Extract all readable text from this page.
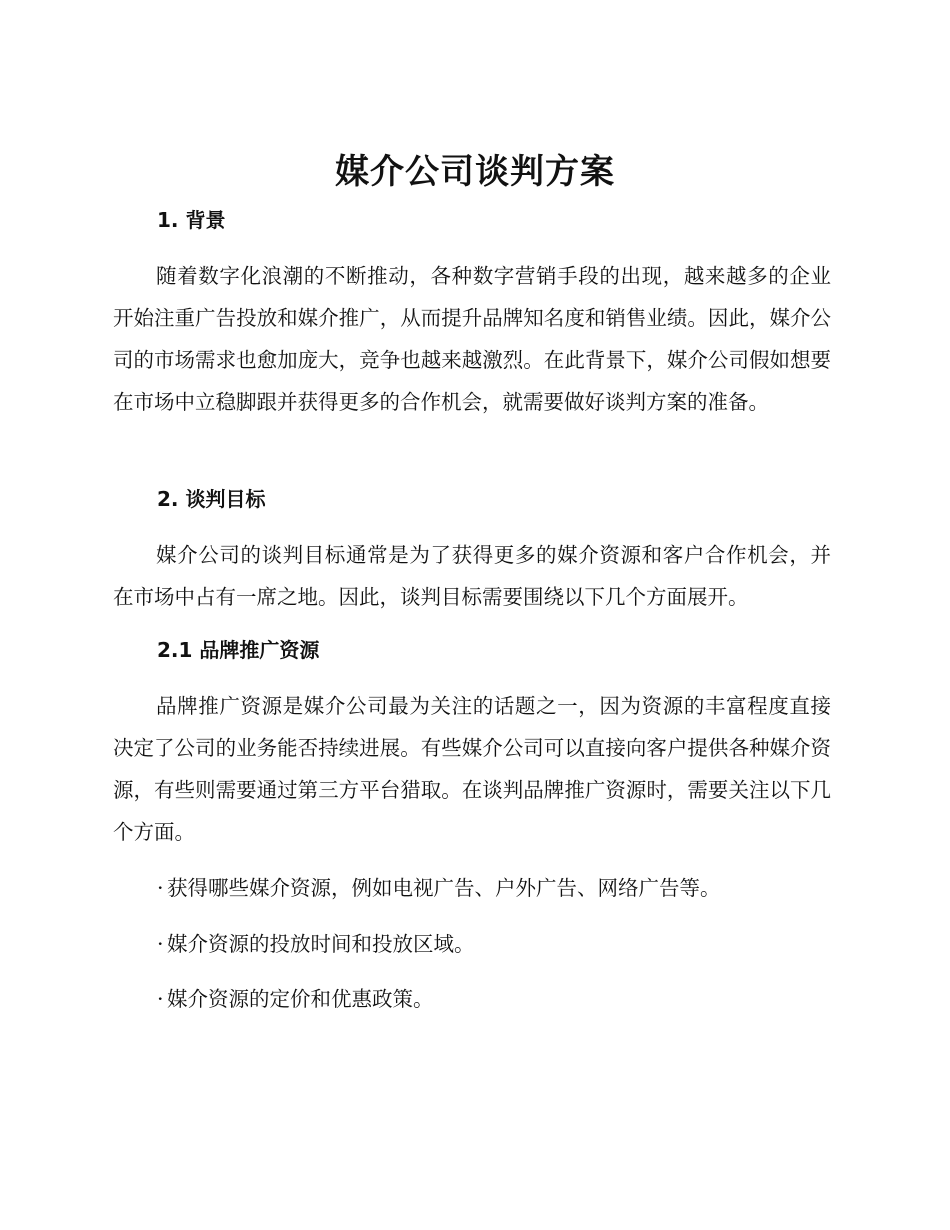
媒介公司谈判方案
1. 背景

随着数字化浪潮的不断推动，各种数字营销手段的出现，越来越多的企业开始注重广告投放和媒介推广，从而提升品牌知名度和销售业绩。因此，媒介公司的市场需求也愈加庞大，竞争也越来越激烈。在此背景下，媒介公司假如想要在市场中立稳脚跟并获得更多的合作机会，就需要做好谈判方案的准备。

2. 谈判目标

媒介公司的谈判目标通常是为了获得更多的媒介资源和客户合作机会，并在市场中占有一席之地。因此，谈判目标需要围绕以下几个方面展开。

2.1 品牌推广资源

品牌推广资源是媒介公司最为关注的话题之一，因为资源的丰富程度直接决定了公司的业务能否持续进展。有些媒介公司可以直接向客户提供各种媒介资源，有些则需要通过第三方平台猎取。在谈判品牌推广资源时，需要关注以下几个方面。

· 获得哪些媒介资源，例如电视广告、户外广告、网络广告等。

· 媒介资源的投放时间和投放区域。

· 媒介资源的定价和优惠政策。
